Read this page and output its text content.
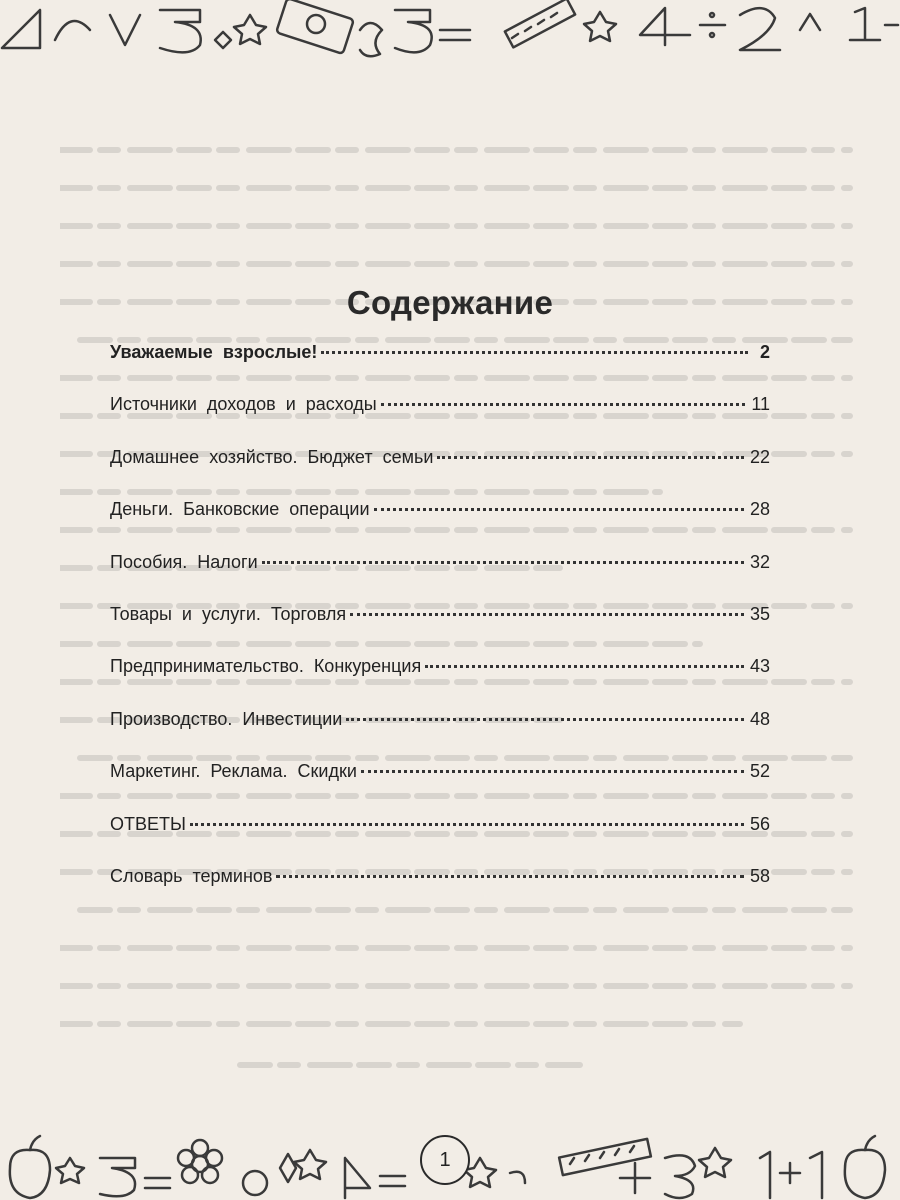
Содержание
Уважаемые взрослые!	2
Источники доходов и расходы	11
Домашнее хозяйство. Бюджет семьи	22
Деньги. Банковские операции	28
Пособия. Налоги	32
Товары и услуги. Торговля	35
Предпринимательство. Конкуренция	43
Производство. Инвестиции	48
Маркетинг. Реклама. Скидки	52
ОТВЕТЫ	56
Словарь терминов	58
1
